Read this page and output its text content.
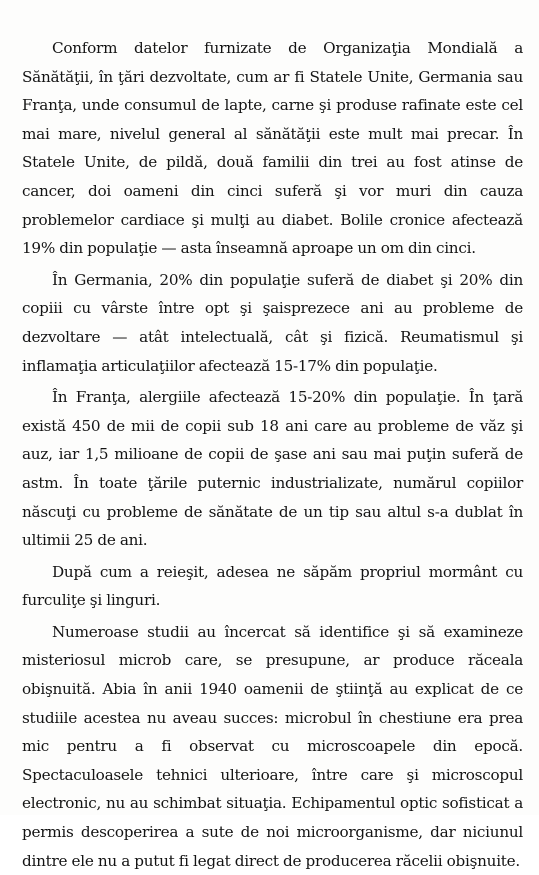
Conform datelor furnizate de Organizaţia Mondială a Sănătăţii, în ţări dezvoltate, cum ar fi Statele Unite, Germania sau Franţa, unde consumul de lapte, carne şi produse rafinate este cel mai mare, nivelul general al sănătăţii este mult mai precar. În Statele Unite, de pildă, două familii din trei au fost atinse de cancer, doi oameni din cinci suferă şi vor muri din cauza problemelor cardiace şi mulţi au diabet. Bolile cronice afectează 19% din populaţie — asta înseamnă aproape un om din cinci.

În Germania, 20% din populaţie suferă de diabet şi 20% din copiii cu vârste între opt şi şaisprezece ani au probleme de dezvoltare — atât intelectuală, cât şi fizică. Reumatismul şi inflamaţia articulaţiilor afectează 15-17% din populaţie.

În Franţa, alergiile afectează 15-20% din populaţie. În ţară există 450 de mii de copii sub 18 ani care au probleme de văz şi auz, iar 1,5 milioane de copii de şase ani sau mai puţin suferă de astm. În toate ţările puternic industrializate, numărul copiilor născuţi cu probleme de sănătate de un tip sau altul s-a dublat în ultimii 25 de ani.

După cum a reieşit, adesea ne săpăm propriul mormânt cu furculiţe şi linguri.

Numeroase studii au încercat să identifice şi să examineze misteriosul microb care, se presupune, ar produce răceala obişnuită. Abia în anii 1940 oamenii de ştiinţă au explicat de ce studiile acestea nu aveau succes: microbul în chestiune era prea mic pentru a fi observat cu microscoapele din epocă. Spectaculoasele tehnici ulterioare, între care şi microscopul electronic, nu au schimbat situaţia. Echipamentul optic sofisticat a permis descoperirea a sute de noi microorganisme, dar niciunul dintre ele nu a putut fi legat direct de producerea răcelii obişnuite.
